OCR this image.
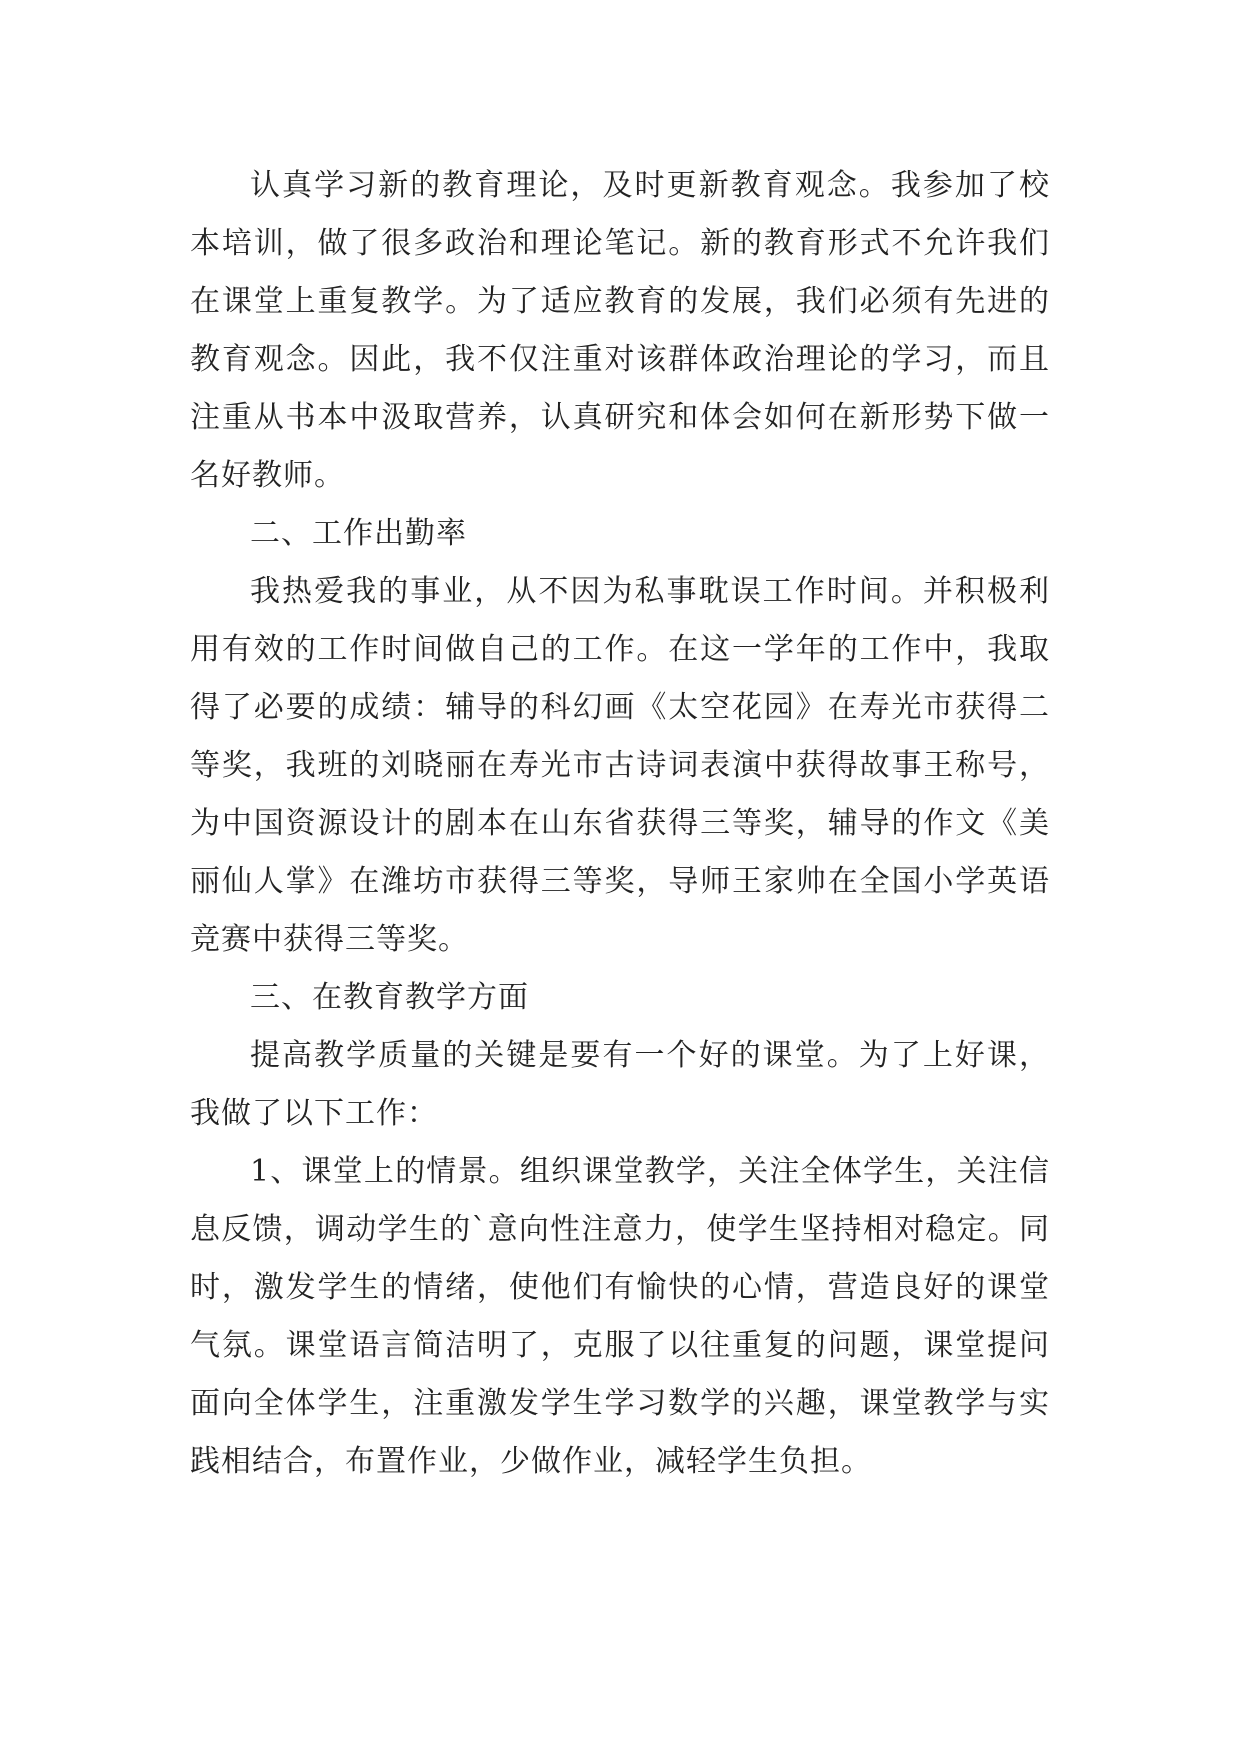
认真学习新的教育理论，及时更新教育观念。我参加了校本培训，做了很多政治和理论笔记。新的教育形式不允许我们在课堂上重复教学。为了适应教育的发展，我们必须有先进的教育观念。因此，我不仅注重对该群体政治理论的学习，而且注重从书本中汲取营养，认真研究和体会如何在新形势下做一名好教师。

二、工作出勤率

我热爱我的事业，从不因为私事耽误工作时间。并积极利用有效的工作时间做自己的工作。在这一学年的工作中，我取得了必要的成绩：辅导的科幻画《太空花园》在寿光市获得二等奖，我班的刘晓丽在寿光市古诗词表演中获得故事王称号，为中国资源设计的剧本在山东省获得三等奖，辅导的作文《美丽仙人掌》在潍坊市获得三等奖，导师王家帅在全国小学英语竞赛中获得三等奖。

三、在教育教学方面

提高教学质量的关键是要有一个好的课堂。为了上好课，我做了以下工作：

1、课堂上的情景。组织课堂教学，关注全体学生，关注信息反馈，调动学生的`意向性注意力，使学生坚持相对稳定。同时，激发学生的情绪，使他们有愉快的心情，营造良好的课堂气氛。课堂语言简洁明了，克服了以往重复的问题，课堂提问面向全体学生，注重激发学生学习数学的兴趣，课堂教学与实践相结合，布置作业，少做作业，减轻学生负担。
